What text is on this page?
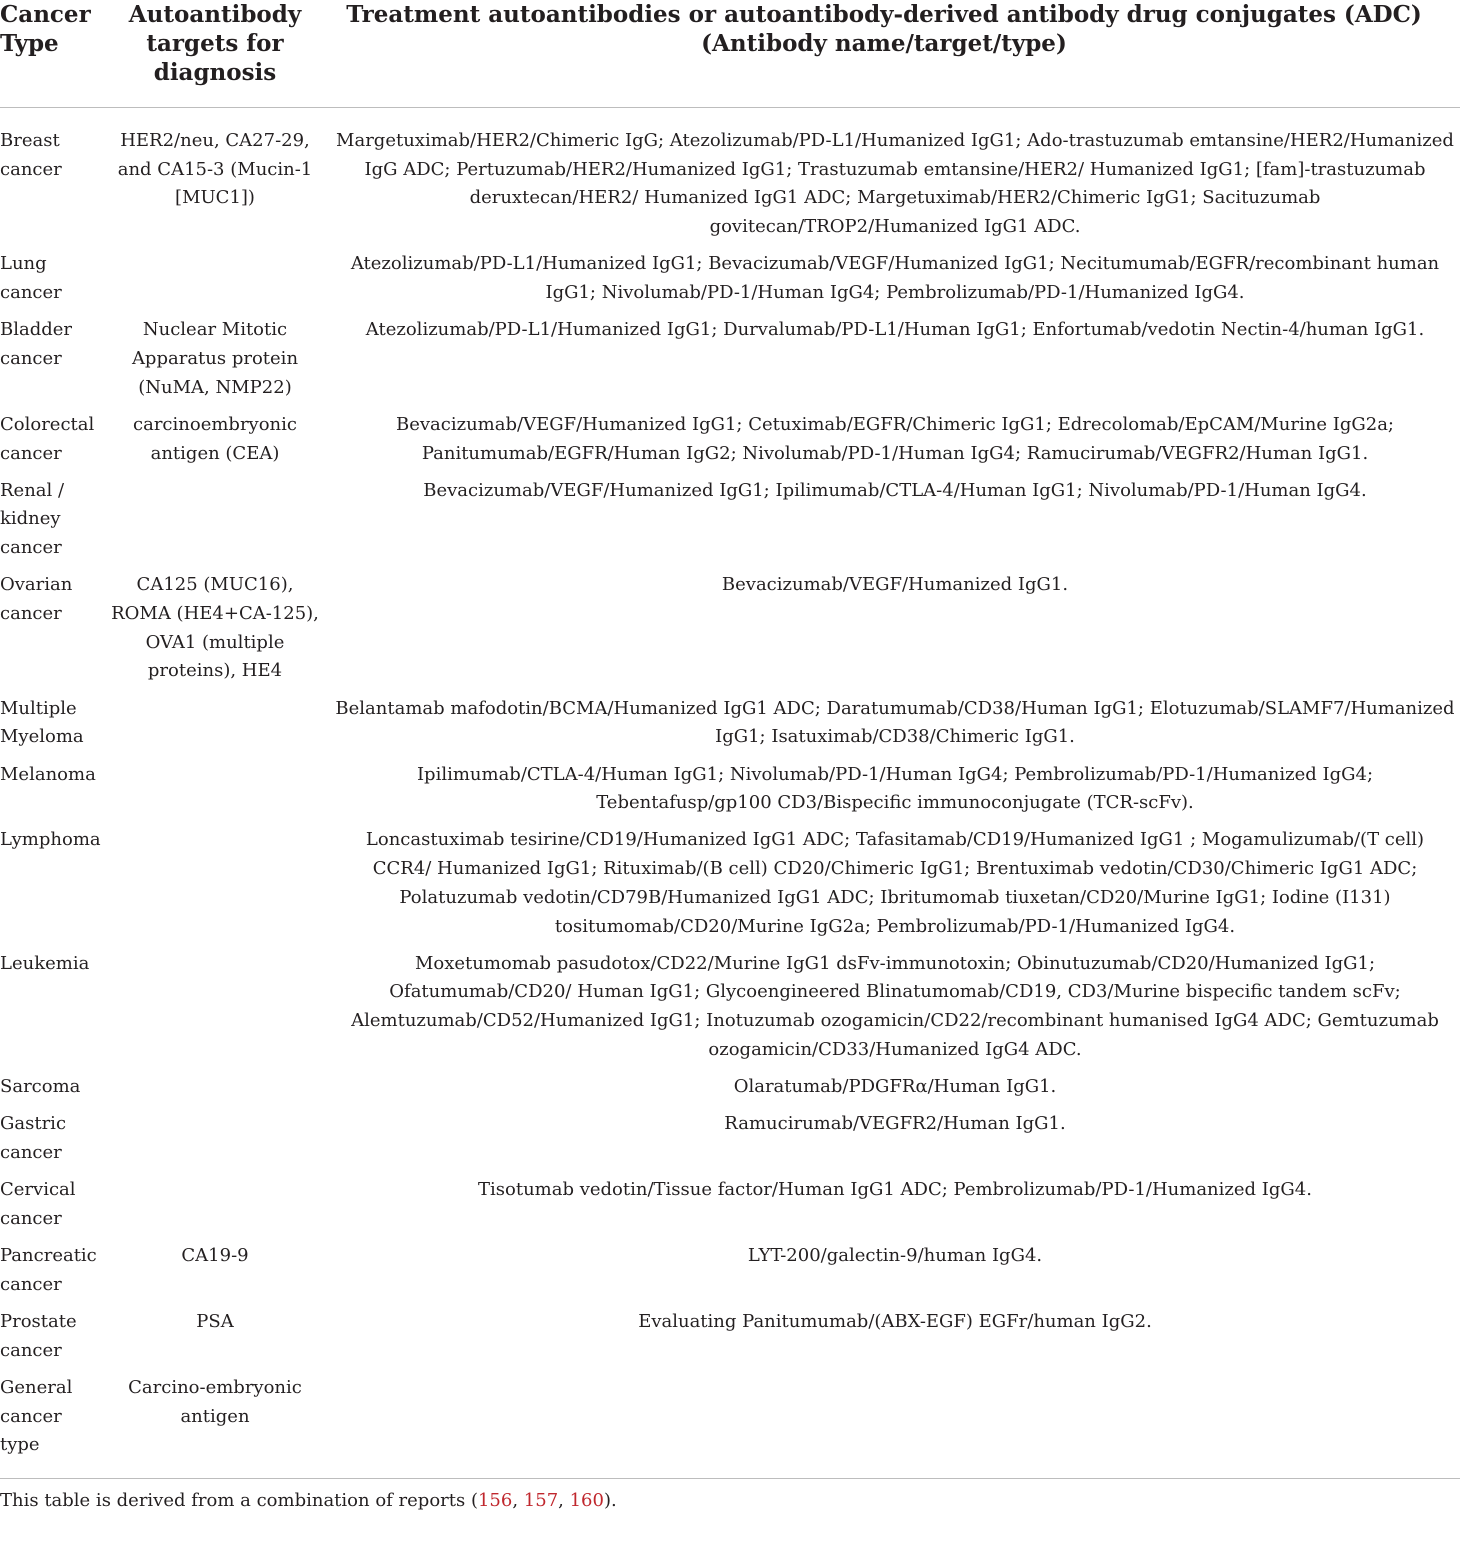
Cancer Type	Autoantibody targets for diagnosis	Treatment autoantibodies or autoantibody-derived antibody drug conjugates (ADC) (Antibody name/target/type)
Breast cancer	HER2/neu, CA27-29, and CA15-3 (Mucin-1 [MUC1])	Margetuximab/HER2/Chimeric IgG; Atezolizumab/PD-L1/Humanized IgG1; Ado-trastuzumab emtansine/HER2/Humanized IgG ADC; Pertuzumab/HER2/Humanized IgG1; Trastuzumab emtansine/HER2/ Humanized IgG1; [fam]-trastuzumab deruxtecan/HER2/ Humanized IgG1 ADC; Margetuximab/HER2/Chimeric IgG1; Sacituzumab govitecan/TROP2/Humanized IgG1 ADC.
Lung cancer		Atezolizumab/PD-L1/Humanized IgG1; Bevacizumab/VEGF/Humanized IgG1; Necitumumab/EGFR/recombinant human IgG1; Nivolumab/PD-1/Human IgG4; Pembrolizumab/PD-1/Humanized IgG4.
Bladder cancer	Nuclear Mitotic Apparatus protein (NuMA, NMP22)	Atezolizumab/PD-L1/Humanized IgG1; Durvalumab/PD-L1/Human IgG1; Enfortumab/vedotin Nectin-4/human IgG1.
Colorectal cancer	carcinoembryonic antigen (CEA)	Bevacizumab/VEGF/Humanized IgG1; Cetuximab/EGFR/Chimeric IgG1; Edrecolomab/EpCAM/Murine IgG2a; Panitumumab/EGFR/Human IgG2; Nivolumab/PD-1/Human IgG4; Ramucirumab/VEGFR2/Human IgG1.
Renal / kidney cancer		Bevacizumab/VEGF/Humanized IgG1; Ipilimumab/CTLA-4/Human IgG1; Nivolumab/PD-1/Human IgG4.
Ovarian cancer	CA125 (MUC16), ROMA (HE4+CA-125), OVA1 (multiple proteins), HE4	Bevacizumab/VEGF/Humanized IgG1.
Multiple Myeloma		Belantamab mafodotin/BCMA/Humanized IgG1 ADC; Daratumumab/CD38/Human IgG1; Elotuzumab/SLAMF7/Humanized IgG1; Isatuximab/CD38/Chimeric IgG1.
Melanoma		Ipilimumab/CTLA-4/Human IgG1; Nivolumab/PD-1/Human IgG4; Pembrolizumab/PD-1/Humanized IgG4; Tebentafusp/gp100 CD3/Bispecific immunoconjugate (TCR-scFv).
Lymphoma		Loncastuximab tesirine/CD19/Humanized IgG1 ADC; Tafasitamab/CD19/Humanized IgG1 ; Mogamulizumab/(T cell) CCR4/ Humanized IgG1; Rituximab/(B cell) CD20/Chimeric IgG1; Brentuximab vedotin/CD30/Chimeric IgG1 ADC; Polatuzumab vedotin/CD79B/Humanized IgG1 ADC; Ibritumomab tiuxetan/CD20/Murine IgG1; Iodine (I131) tositumomab/CD20/Murine IgG2a; Pembrolizumab/PD-1/Humanized IgG4.
Leukemia		Moxetumomab pasudotox/CD22/Murine IgG1 dsFv-immunotoxin; Obinutuzumab/CD20/Humanized IgG1; Ofatumumab/CD20/ Human IgG1; Glycoengineered Blinatumomab/CD19, CD3/Murine bispecific tandem scFv; Alemtuzumab/CD52/Humanized IgG1; Inotuzumab ozogamicin/CD22/recombinant humanised IgG4 ADC; Gemtuzumab ozogamicin/CD33/Humanized IgG4 ADC.
Sarcoma		Olaratumab/PDGFRα/Human IgG1.
Gastric cancer		Ramucirumab/VEGFR2/Human IgG1.
Cervical cancer		Tisotumab vedotin/Tissue factor/Human IgG1 ADC; Pembrolizumab/PD-1/Humanized IgG4.
Pancreatic cancer	CA19-9	LYT-200/galectin-9/human IgG4.
Prostate cancer	PSA	Evaluating Panitumumab/(ABX-EGF) EGFr/human IgG2.
General cancer type	Carcino-embryonic antigen	
This table is derived from a combination of reports (156, 157, 160).
